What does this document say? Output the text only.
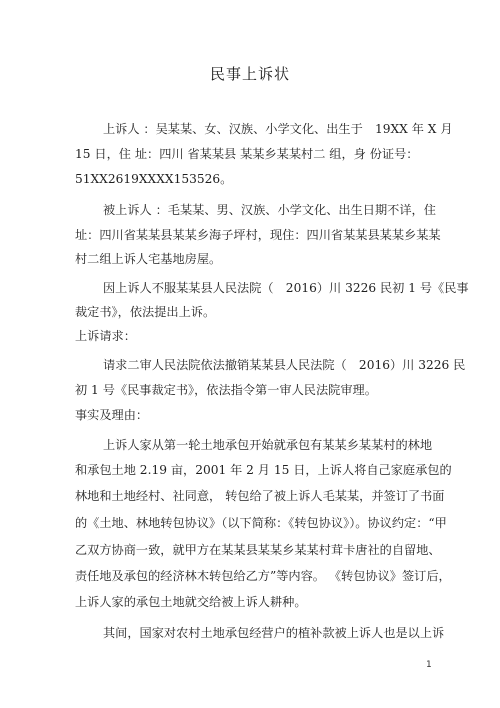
民事上诉状
上诉人 ：吴某某、女、汉族、小学文化、出生于　19XX 年 X 月
15 日，住 址：四川 省某某县 某某乡某某村二 组，身 份证号：
51XX2619XXXX153526。
被上诉人 ：毛某某、男、汉族、小学文化、出生日期不详，住
址：四川省某某县某某乡海子坪村，现住：四川省某某县某某乡某某
村二组上诉人宅基地房屋。
因上诉人不服某某县人民法院（　2016）川 3226 民初 1 号《民事
裁定书》，依法提出上诉。
上诉请求：
请求二审人民法院依法撤销某某县人民法院（　2016）川 3226 民
初 1 号《民事裁定书》，依法指令第一审人民法院审理。
事实及理由：
上诉人家从第一轮土地承包开始就承包有某某乡某某村的林地
和承包土地 2.19 亩，2001 年 2 月 15 日，上诉人将自己家庭承包的
林地和土地经村、社同意， 转包给了被上诉人毛某某，并签订了书面
的《土地、林地转包协议》（以下简称：《转包协议》）。协议约定：“甲
乙双方协商一致，就甲方在某某县某某乡某某村茸卡唐社的自留地、
责任地及承包的经济林木转包给乙方”等内容。 《转包协议》签订后，
上诉人家的承包土地就交给被上诉人耕种。
其间，国家对农村土地承包经营户的植补款被上诉人也是以上诉
1
